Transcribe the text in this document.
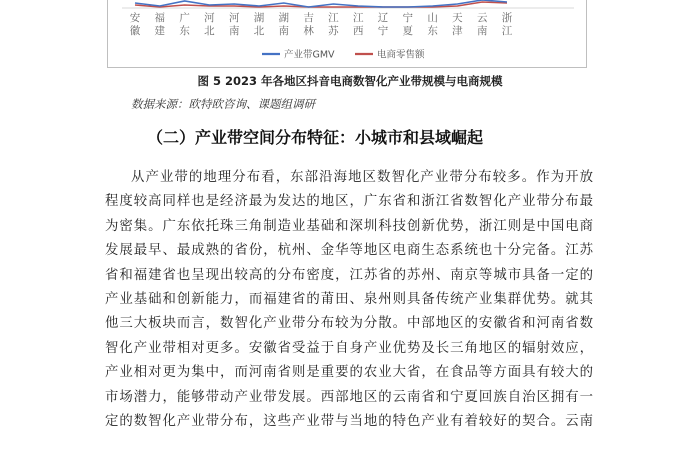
安
徽
福
建
广
东
河
北
河
南
湖
北
湖
南
吉
林
江
苏
江
西
辽
宁
宁
夏
山
东
天
津
云
南
浙
江
产业带GMV	电商零售额
图 5 2023 年各地区抖音电商数智化产业带规模与电商规模
数据来源：欧特欧咨询、课题组调研
（二）产业带空间分布特征：小城市和县域崛起
从产业带的地理分布看，东部沿海地区数智化产业带分布较多。作为开放
程度较高同样也是经济最为发达的地区，广东省和浙江省数智化产业带分布最
为密集。广东依托珠三角制造业基础和深圳科技创新优势，浙江则是中国电商
发展最早、最成熟的省份，杭州、金华等地区电商生态系统也十分完备。江苏
省和福建省也呈现出较高的分布密度，江苏省的苏州、南京等城市具备一定的
产业基础和创新能力，而福建省的莆田、泉州则具备传统产业集群优势。就其
他三大板块而言，数智化产业带分布较为分散。中部地区的安徽省和河南省数
智化产业带相对更多。安徽省受益于自身产业优势及长三角地区的辐射效应，
产业相对更为集中，而河南省则是重要的农业大省，在食品等方面具有较大的
市场潜力，能够带动产业带发展。西部地区的云南省和宁夏回族自治区拥有一
定的数智化产业带分布，这些产业带与当地的特色产业有着较好的契合。云南
